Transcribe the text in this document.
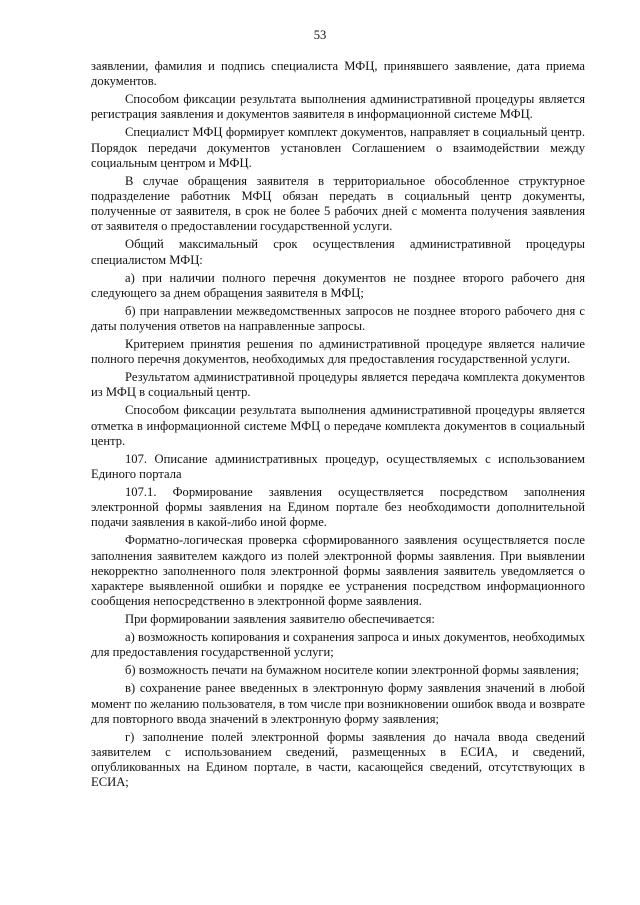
53

заявлении, фамилия и подпись специалиста МФЦ, принявшего заявление, дата приема документов.

Способом фиксации результата выполнения административной процедуры является регистрация заявления и документов заявителя в информационной системе МФЦ.

Специалист МФЦ формирует комплект документов, направляет в социальный центр. Порядок передачи документов установлен Соглашением о взаимодействии между социальным центром и МФЦ.

В случае обращения заявителя в территориальное обособленное структурное подразделение работник МФЦ обязан передать в социальный центр документы, полученные от заявителя, в срок не более 5 рабочих дней с момента получения заявления от заявителя о предоставлении государственной услуги.

Общий максимальный срок осуществления административной процедуры специалистом МФЦ:

а) при наличии полного перечня документов не позднее второго рабочего дня следующего за днем обращения заявителя в МФЦ;

б) при направлении межведомственных запросов не позднее второго рабочего дня с даты получения ответов на направленные запросы.

Критерием принятия решения по административной процедуре является наличие полного перечня документов, необходимых для предоставления государственной услуги.

Результатом административной процедуры является передача комплекта документов из МФЦ в социальный центр.

Способом фиксации результата выполнения административной процедуры является отметка в информационной системе МФЦ о передаче комплекта документов в социальный центр.

107. Описание административных процедур, осуществляемых с использованием Единого портала

107.1. Формирование заявления осуществляется посредством заполнения электронной формы заявления на Едином портале без необходимости дополнительной подачи заявления в какой-либо иной форме.

Форматно-логическая проверка сформированного заявления осуществляется после заполнения заявителем каждого из полей электронной формы заявления. При выявлении некорректно заполненного поля электронной формы заявления заявитель уведомляется о характере выявленной ошибки и порядке ее устранения посредством информационного сообщения непосредственно в электронной форме заявления.

При формировании заявления заявителю обеспечивается:

а) возможность копирования и сохранения запроса и иных документов, необходимых для предоставления государственной услуги;

б) возможность печати на бумажном носителе копии электронной формы заявления;

в) сохранение ранее введенных в электронную форму заявления значений в любой момент по желанию пользователя, в том числе при возникновении ошибок ввода и возврате для повторного ввода значений в электронную форму заявления;

г) заполнение полей электронной формы заявления до начала ввода сведений заявителем с использованием сведений, размещенных в ЕСИА, и сведений, опубликованных на Едином портале, в части, касающейся сведений, отсутствующих в ЕСИА;
